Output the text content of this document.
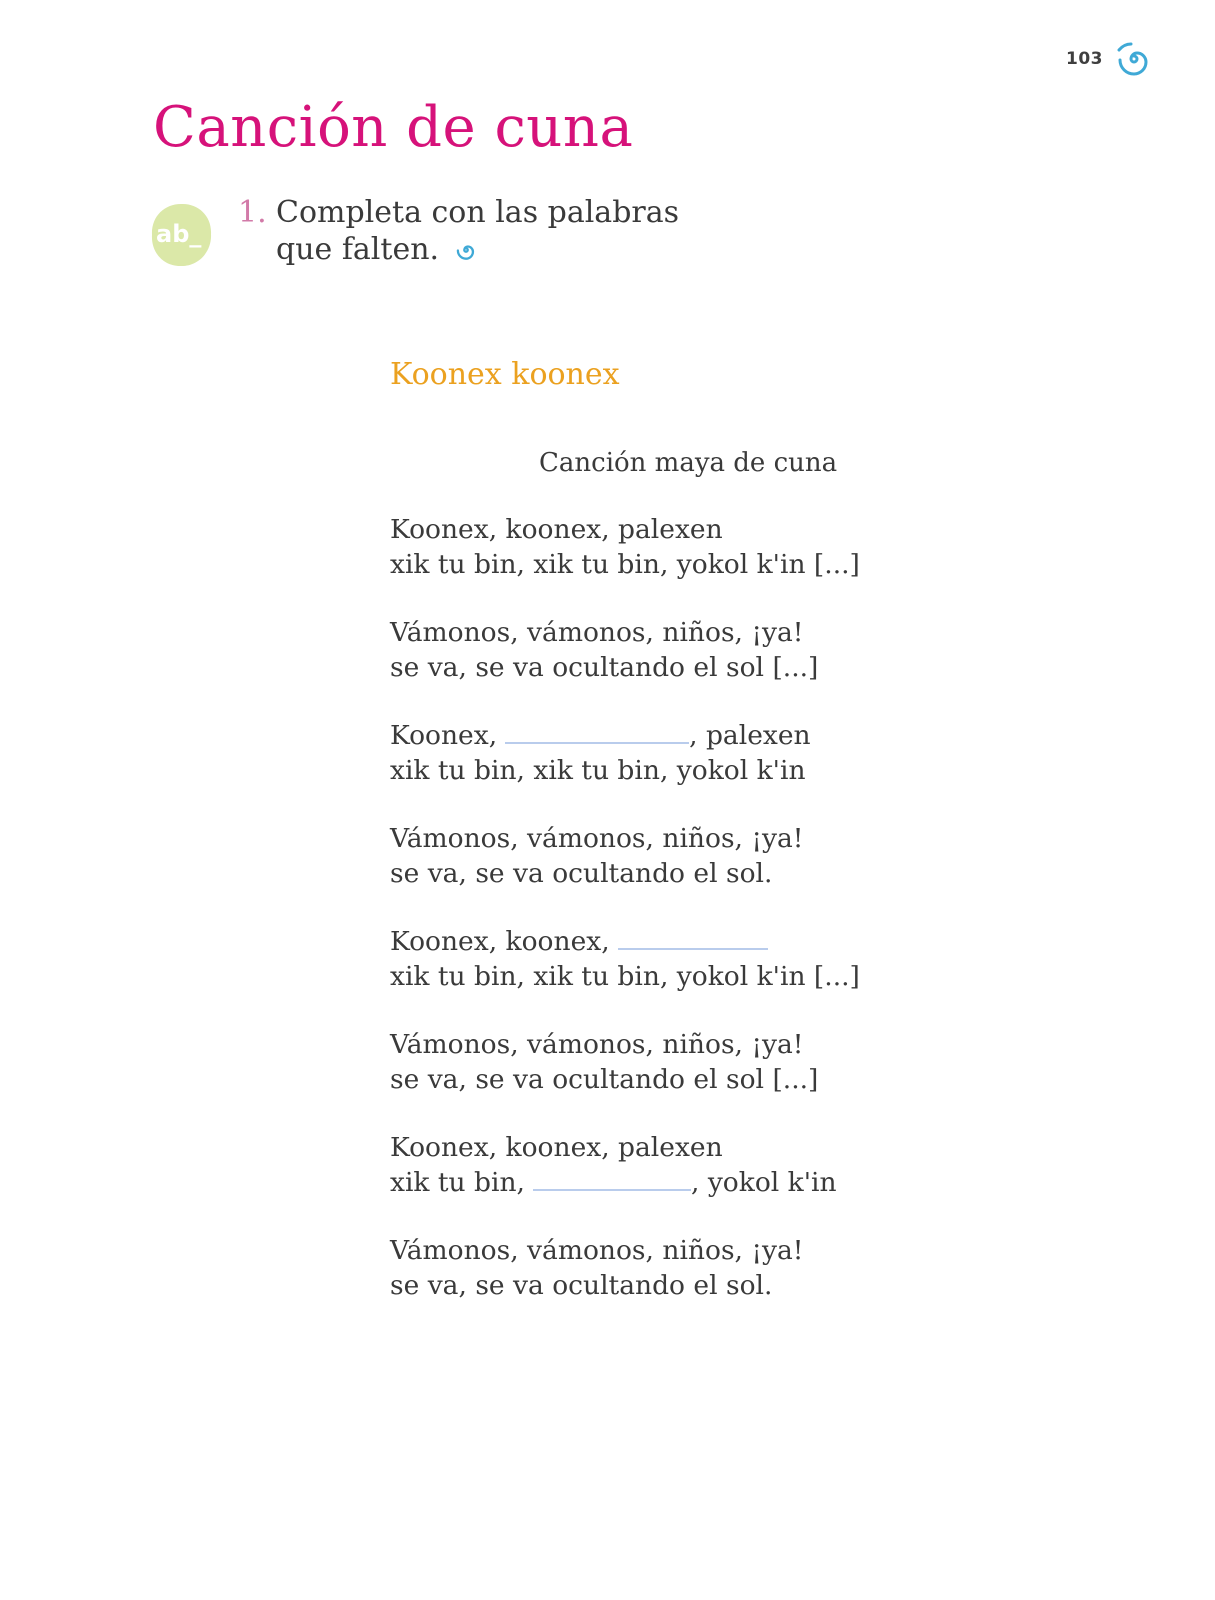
103
Canción de cuna
ab_
1. Completa con las palabras
que falten.
Koonex koonex
Canción maya de cuna
Koonex, koonex, palexen
xik tu bin, xik tu bin, yokol k'in [...]
Vámonos, vámonos, niños, ¡ya!
se va, se va ocultando el sol [...]
Koonex,	, palexen
xik tu bin, xik tu bin, yokol k'in
Vámonos, vámonos, niños, ¡ya!
se va, se va ocultando el sol.
Koonex, koonex,
xik tu bin, xik tu bin, yokol k'in [...]
Vámonos, vámonos, niños, ¡ya!
se va, se va ocultando el sol [...]
Koonex, koonex, palexen
xik tu bin,	, yokol k'in
Vámonos, vámonos, niños, ¡ya!
se va, se va ocultando el sol.
